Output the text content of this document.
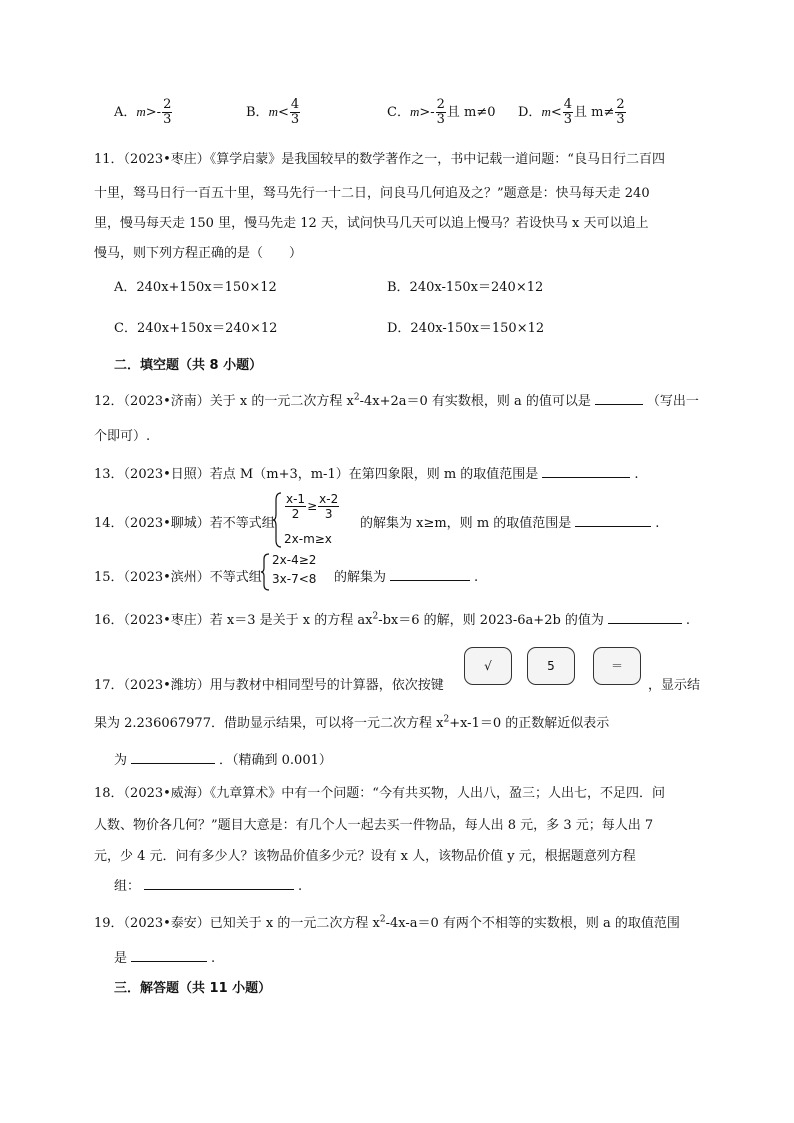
A．$m>- \frac{2}{3}$	B．$m< \frac{4}{3}$	C．$m>- \frac{2}{3}$ 且 m≠0 D．$m< \frac{4}{3}$ 且 $m\ne \frac{2}{3}$
11．（2023•枣庄）《算学启蒙》是我国较早的数学著作之一，书中记载一道问题：“良马日行二百四
十里，驽马日行一百五十里，驽马先行一十二日，问良马几何追及之？”题意是：快马每天走 240
里，慢马每天走 150 里，慢马先走 12 天，试问快马几天可以追上慢马？若设快马 x 天可以追上
慢马，则下列方程正确的是（　　）
A．240x+150x＝150×12	B．240x-150x＝240×12
C．240x+150x＝240×12	D．240x-150x＝150×12
二．填空题（共 8 小题）
12．（2023•济南）关于 x 的一元二次方程 $x^2-4x+2a=0$ 有实数根，则 a 的值可以是	（写出一
个即可）.
13．（2023•日照）若点 M（m+3，m-1）在第四象限，则 m 的取值范围是	.
14．（2023•聊城）若不等式组
$\frac{x-1}{2} \ge \frac{x-2}{3}$
2x-m≥x
的解集为 x≥m，则 m 的取值范围是	.
15．（2023•滨州）不等式组
2x-4≥2
3x-7<8 的解集为	.
16．（2023•枣庄）若 x＝3 是关于 x 的方程 $ax^2-bx=6$ 的解，则 2023-6a+2b 的值为	.
17．（2023•潍坊）用与教材中相同型号的计算器，依次按键
√	5	＝
，显示结
果为 2.236067977．借助显示结果，可以将一元二次方程 $x^2+x-1=0$ 的正数解近似表示
为	．（精确到 0.001）
18．（2023•威海）《九章算术》中有一个问题：“今有共买物，人出八，盈三；人出七，不足四．问
人数、物价各几何？”题目大意是：有几个人一起去买一件物品，每人出 8 元，多 3 元；每人出 7
元，少 4 元．问有多少人？该物品价值多少元？设有 x 人，该物品价值 y 元，根据题意列方程
组：	.
19．（2023•泰安）已知关于 x 的一元二次方程 $x^2-4x-a=0$ 有两个不相等的实数根，则 a 的取值范围
是	.
三．解答题（共 11 小题）
